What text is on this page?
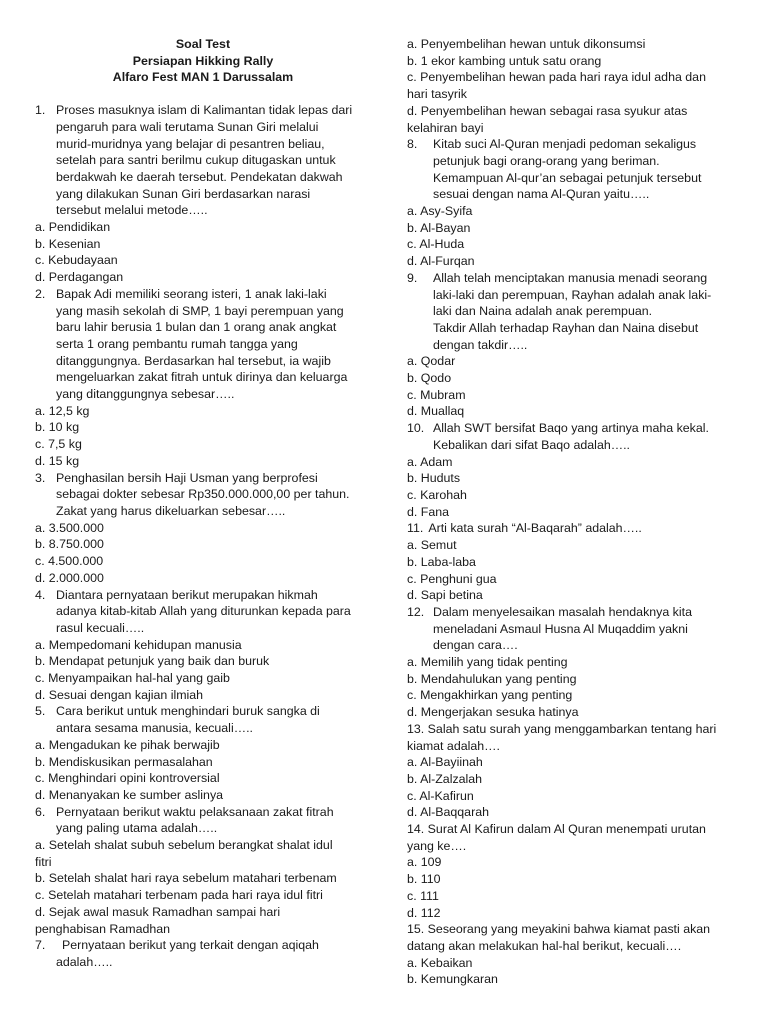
Soal Test
Persiapan Hikking Rally
Alfaro Fest MAN 1 Darussalam
1. Proses masuknya islam di Kalimantan tidak lepas dari
pengaruh para wali terutama Sunan Giri melalui
murid-muridnya yang belajar di pesantren beliau,
setelah para santri berilmu cukup ditugaskan untuk
berdakwah ke daerah tersebut. Pendekatan dakwah
yang dilakukan Sunan Giri berdasarkan narasi
tersebut melalui metode…..
a. Pendidikan
b. Kesenian
c. Kebudayaan
d. Perdagangan
2. Bapak Adi memiliki seorang isteri, 1 anak laki-laki
yang masih sekolah di SMP, 1 bayi perempuan yang
baru lahir berusia 1 bulan dan 1 orang anak angkat
serta 1 orang pembantu rumah tangga yang
ditanggungnya. Berdasarkan hal tersebut, ia wajib
mengeluarkan zakat fitrah untuk dirinya dan keluarga
yang ditanggungnya sebesar…..
a. 12,5 kg
b. 10 kg
c. 7,5 kg
d. 15 kg
3. Penghasilan bersih Haji Usman yang berprofesi
sebagai dokter sebesar Rp350.000.000,00 per tahun.
Zakat yang harus dikeluarkan sebesar…..
a. 3.500.000
b. 8.750.000
c. 4.500.000
d. 2.000.000
4. Diantara pernyataan berikut merupakan hikmah
adanya kitab-kitab Allah yang diturunkan kepada para
rasul kecuali…..
a. Mempedomani kehidupan manusia
b. Mendapat petunjuk yang baik dan buruk
c. Menyampaikan hal-hal yang gaib
d. Sesuai dengan kajian ilmiah
5. Cara berikut untuk menghindari buruk sangka di
antara sesama manusia, kecuali…..
a. Mengadukan ke pihak berwajib
b. Mendiskusikan permasalahan
c. Menghindari opini kontroversial
d. Menanyakan ke sumber aslinya
6. Pernyataan berikut waktu pelaksanaan zakat fitrah
yang paling utama adalah…..
a. Setelah shalat subuh sebelum berangkat shalat idul
fitri
b. Setelah shalat hari raya sebelum matahari terbenam
c. Setelah matahari terbenam pada hari raya idul fitri
d. Sejak awal masuk Ramadhan sampai hari
penghabisan Ramadhan
7.	Pernyataan berikut yang terkait dengan aqiqah
adalah…..
a. Penyembelihan hewan untuk dikonsumsi
b. 1 ekor kambing untuk satu orang
c. Penyembelihan hewan pada hari raya idul adha dan
hari tasyrik
d. Penyembelihan hewan sebagai rasa syukur atas
kelahiran bayi
8.	Kitab suci Al-Quran menjadi pedoman sekaligus
petunjuk bagi orang-orang yang beriman.
Kemampuan Al-qur’an sebagai petunjuk tersebut
sesuai dengan nama Al-Quran yaitu…..
a. Asy-Syifa
b. Al-Bayan
c. Al-Huda
d. Al-Furqan
9.	Allah telah menciptakan manusia menadi seorang
laki-laki dan perempuan, Rayhan adalah anak laki-
laki dan Naina adalah anak perempuan.
Takdir Allah terhadap Rayhan dan Naina disebut
dengan takdir…..
a. Qodar
b. Qodo
c. Mubram
d. Muallaq
10. Allah SWT bersifat Baqo yang artinya maha kekal.
Kebalikan dari sifat Baqo adalah…..
a. Adam
b. Huduts
c. Karohah
d. Fana
11. Arti kata surah “Al-Baqarah” adalah…..
a. Semut
b. Laba-laba
c. Penghuni gua
d. Sapi betina
12. Dalam menyelesaikan masalah hendaknya kita
meneladani Asmaul Husna Al Muqaddim yakni
dengan cara….
a. Memilih yang tidak penting
b. Mendahulukan yang penting
c. Mengakhirkan yang penting
d. Mengerjakan sesuka hatinya
13. Salah satu surah yang menggambarkan tentang hari
kiamat adalah….
a. Al-Bayiinah
b. Al-Zalzalah
c. Al-Kafirun
d. Al-Baqqarah
14. Surat Al Kafirun dalam Al Quran menempati urutan
yang ke….
a. 109
b. 110
c. 111
d. 112
15. Seseorang yang meyakini bahwa kiamat pasti akan
datang akan melakukan hal-hal berikut, kecuali….
a. Kebaikan
b. Kemungkaran
